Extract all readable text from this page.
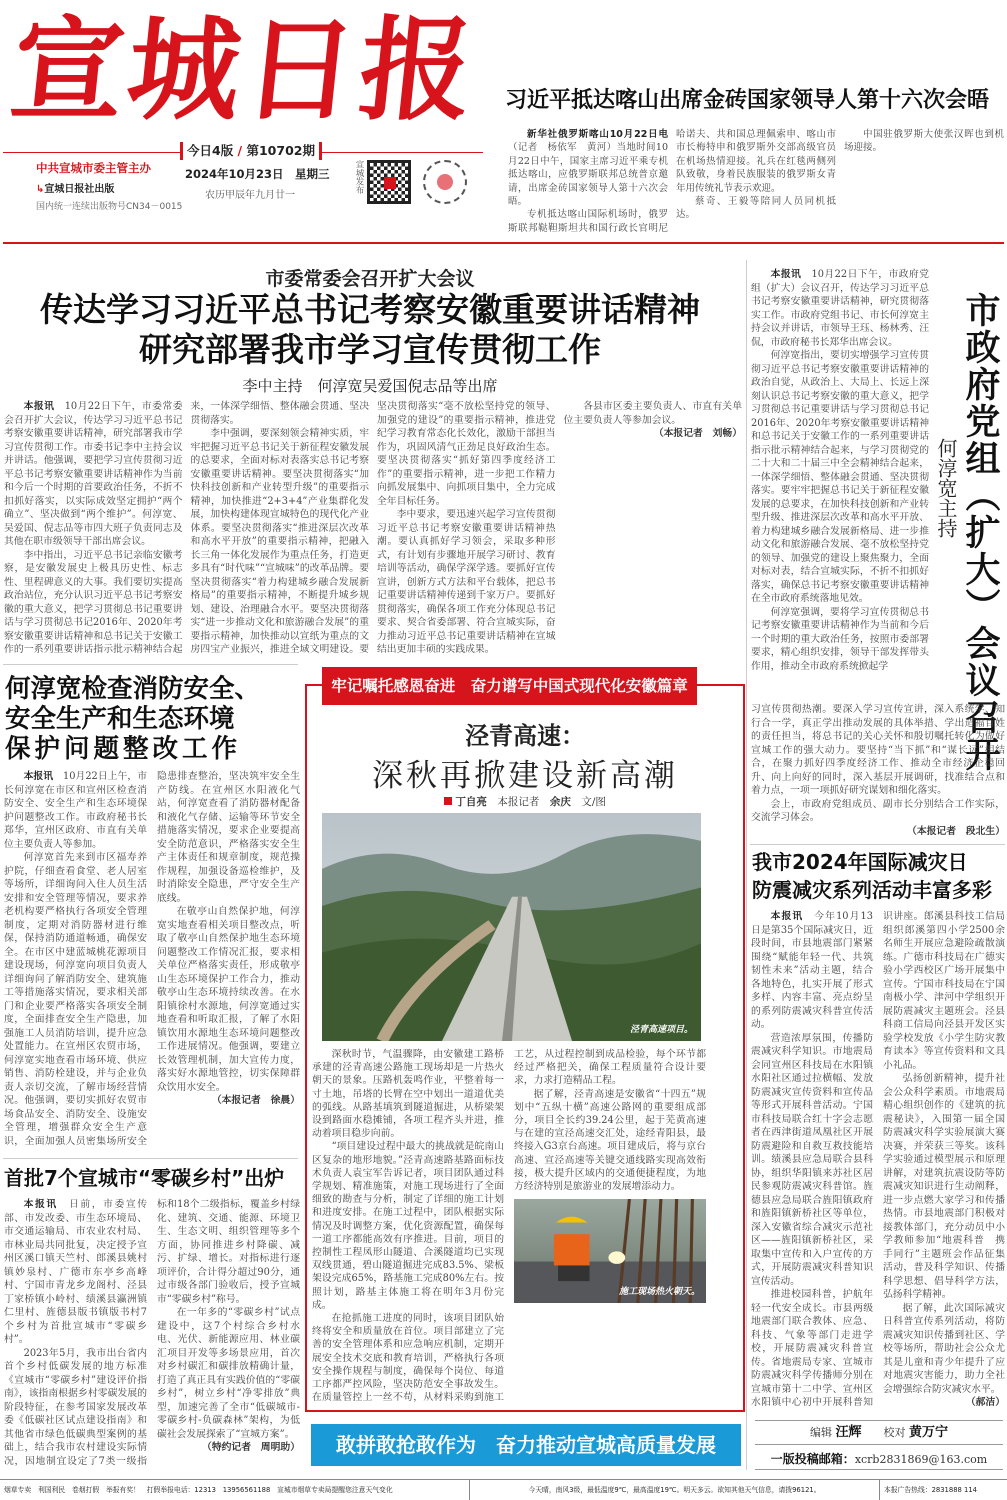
宣城日报 习近平抵达喀山出席金砖国家领导人第十六次会晤
今日4版 / 第10702期
中共宣城市委主管主办
↳宣城日报社出版
国内统一连续出版物号CN34－0015
2024年10月23日　星期三
农历甲辰年九月廿一
宣城发布

新华社俄罗斯喀山10月22日电（记者　杨依军　黄河）当地时间10月22日中午，国家主席习近平乘专机抵达喀山，应俄罗斯联邦总统普京邀请，出席金砖国家领导人第十六次会晤。

专机抵达喀山国际机场时，俄罗斯联邦鞑靼斯坦共和国行政长官明尼哈诺夫、共和国总理佩索申、喀山市市长梅特申和俄罗斯外交部高级官员在机场热情迎接。礼兵在红毯两侧列队致敬，身着民族服装的俄罗斯女青年用传统礼节表示欢迎。

蔡奇、王毅等陪同人员同机抵达。

中国驻俄罗斯大使张汉晖也到机场迎接。

市委常委会召开扩大会议
传达学习习近平总书记考察安徽重要讲话精神
研究部署我市学习宣传贯彻工作
李中主持　何淳宽吴爱国倪志品等出席

本报讯　 10月22日下午，市委常委会召开扩大会议，传达学习习近平总书记考察安徽重要讲话精神，研究部署我市学习宣传贯彻工作。市委书记李中主持会议并讲话。他强调，要把学习宣传贯彻习近平总书记考察安徽重要讲话精神作为当前和今后一个时期的首要政治任务，不折不扣抓好落实，以实际成效坚定拥护“两个确立”、坚决做到“两个维护”。何淳宽、吴爱国、倪志品等市四大班子负责同志及其他在职市级领导干部出席会议。

李中指出，习近平总书记亲临安徽考察，是安徽发展史上极具历史性、标志性、里程碑意义的大事。我们要切实提高政治站位，充分认识习近平总书记考察安徽的重大意义，把学习贯彻总书记重要讲话与学习贯彻总书记2016年、2020年考察安徽重要讲话精神和总书记关于安徽工作的一系列重要讲话指示批示精神结合起来，一体深学细悟、整体融会贯通、坚决贯彻落实。

李中强调，要深刻领会精神实质，牢牢把握习近平总书记关于新征程安徽发展的总要求，全面对标对表落实总书记考察安徽重要讲话精神。要坚决贯彻落实“加快科技创新和产业转型升级”的重要指示精神，加快推进“2+3+4”产业集群化发展，加快构建体现宣城特色的现代化产业体系。要坚决贯彻落实“推进深层次改革和高水平开放”的重要指示精神，把融入长三角一体化发展作为重点任务，打造更多具有“时代味”“宣城味”的改革品牌。要坚决贯彻落实“着力构建城乡融合发展新格局”的重要指示精神，不断提升城乡规划、建设、治理融合水平。要坚决贯彻落实“进一步推动文化和旅游融合发展”的重要指示精神，加快推动以宣纸为重点的文房四宝产业振兴，推进全域文明建设。要坚决贯彻落实“毫不放松坚持党的领导、加强党的建设”的重要指示精神，推进党纪学习教育常态化长效化，激励干部担当作为，巩固风清气正劲足良好政治生态。要坚决贯彻落实“抓好第四季度经济工作”的重要指示精神，进一步把工作精力向抓发展集中、向抓项目集中，全力完成全年目标任务。

李中要求，要迅速兴起学习宣传贯彻习近平总书记考察安徽重要讲话精神热潮。要认真抓好学习领会，采取多种形式，有计划有步骤地开展学习研讨、教育培训等活动，确保学深学透。要抓好宣传宣讲，创新方式方法和平台载体，把总书记重要讲话精神传递到千家万户。要抓好贯彻落实，确保各项工作充分体现总书记要求、契合省委部署、符合宣城实际，奋力推动习近平总书记重要讲话精神在宣城结出更加丰硕的实践成果。

各县市区委主要负责人、市直有关单位主要负责人等参加会议。

（本报记者　刘畅）	市政府党组（扩大）会议召开
何淳宽主持

本报讯　 10月22日下午，市政府党组（扩大）会议召开，传达学习习近平总书记考察安徽重要讲话精神，研究贯彻落实工作。市政府党组书记、市长何淳宽主持会议并讲话，市领导王珏、杨林秀、汪侃，市政府秘书长郑华出席会议。

何淳宽指出，要切实增强学习宣传贯彻习近平总书记考察安徽重要讲话精神的政治自觉，从政治上、大局上、长远上深刻认识总书记考察安徽的重大意义，把学习贯彻总书记重要讲话与学习贯彻总书记2016年、2020年考察安徽重要讲话精神和总书记关于安徽工作的一系列重要讲话指示批示精神结合起来，与学习贯彻党的二十大和二十届三中全会精神结合起来，一体深学细悟、整体融会贯通、坚决贯彻落实。要牢牢把握总书记关于新征程安徽发展的总要求，在加快科技创新和产业转型升级、推进深层次改革和高水平开放、着力构建城乡融合发展新格局、进一步推动文化和旅游融合发展、毫不放松坚持党的领导、加强党的建设上聚焦聚力，全面对标对表，结合宣城实际，不折不扣抓好落实，确保总书记考察安徽重要讲话精神在全市政府系统落地见效。

何淳宽强调，要将学习宣传贯彻总书记考察安徽重要讲话精神作为当前和今后一个时期的重大政治任务，按照市委部署要求，精心组织安排，领导干部发挥带头作用，推动全市政府系统掀起学

习宣传贯彻热潮。要深入学习宣传宣讲，深入系统学、知行合一学，真正学出推动发展的具体举措、学出造福百姓的责任担当，将总书记的关心关怀和殷切嘱托转化为做好宣城工作的强大动力。要坚持“当下抓”和“谋长远”相结合，在聚力抓好四季度经济工作、推动全市经济企稳回升、向上向好的同时，深入基层开展调研，找准结合点和着力点，一项一项抓好研究谋划和细化落实。

会上，市政府党组成员、副市长分别结合工作实际，交流学习体会。

（本报记者　段北生）
何淳宽检查消防安全、
安全生产和生态环境
保护问题整改工作

本报讯　 10月22日上午，市长何淳宽在市区和宣州区检查消防安全、安全生产和生态环境保护问题整改工作。市政府秘书长郑华，宣州区政府、市直有关单位主要负责人等参加。

何淳宽首先来到市区福寿养护院，仔细查看食堂、老人居室等场所，详细询问入住人员生活安排和安全管理等情况，要求养老机构要严格执行各项安全管理制度，定期对消防器材进行维保，保持消防通道畅通，确保安全。在市区中建蓝城桃花源项目建设现场，何淳宽向项目负责人详细询问了解消防安全、建筑施工等措施落实情况，要求相关部门和企业要严格落实各项安全制度，全面排查安全生产隐患，加强施工人员消防培训，提升应急处置能力。在宣州区农贸市场，何淳宽实地查看市场环境、供应销售、消防栓建设，并与企业负责人亲切交流，了解市场经营情况。他强调，要切实抓好农贸市场食品安全、消防安全、设施安全管理，增强群众安全生产意识，全面加强人员密集场所安全隐患排查整治，坚决筑牢安全生产防线。在宣州区水阳液化气站，何淳宽查看了消防器材配备和液化气存储、运输等环节安全措施落实情况，要求企业要提高安全防范意识，严格落实安全生产主体责任和规章制度，规范操作规程，加强设备巡检维护，及时消除安全隐患，严守安全生产底线。

在敬亭山自然保护地，何淳宽实地查看相关项目整改点，听取了敬亭山自然保护地生态环境问题整改工作情况汇报，要求相关单位严格落实责任，形成敬亭山生态环境保护工作合力，推动敬亭山生态环境持续改善。在水阳镇徐村水源地，何淳宽通过实地查看和听取汇报，了解了水阳镇饮用水源地生态环境问题整改工作进展情况。他强调，要建立长效管理机制，加大宣传力度，落实好水源地管控，切实保障群众饮用水安全。

（本报记者　徐晨）
首批7个宣城市“零碳乡村”出炉

本报讯　 日前，市委宣传部、市发改委、市生态环境局、市交通运输局、市农业农村局、市林业局共同批复，决定授予宣州区溪口镇天竺村、郎溪县姚村镇妙泉村、广德市东亭乡高峰村、宁国市青龙乡龙阁村、泾县丁家桥镇小岭村、绩溪县瀛洲镇仁里村、旌德县版书镇版书村7个乡村为首批宣城市“零碳乡村”。

2023年5月，我市出台省内首个乡村低碳发展的地方标准《宣城市“零碳乡村”建设评价指南》，该指南根据乡村零碳发展的阶段特征，在参考国家发展改革委《低碳社区试点建设指南》和其他省市绿色低碳典型案例的基础上，结合我市农村建设实际情况，因地制宜设定了7类一级指标和18个二级指标，覆盖乡村绿化、建筑、交通、能源、环境卫生、生态文明、组织管理等多个方面，协同推进乡村降碳、减污、扩绿、增长。对指标进行逐项评价，合计得分超过90分，通过市级各部门验收后，授予宣城市“零碳乡村”称号。

在一年多的“零碳乡村”试点建设中，这7个村综合乡村水电、光伏、新能源应用、林业碳汇项目开发等多场景应用，首次对乡村碳汇和碳排放精确计量，打造了真正具有实践价值的“零碳乡村”，树立乡村“净零排放”典型，加速完善了全市“低碳城市-零碳乡村-负碳森林”架构，为低碳社会发展探索了“宣城方案”。

（特约记者　周明助）
牢记嘱托感恩奋进　奋力谱写中国式现代化安徽篇章
泾青高速：
深秋再掀建设新高潮
丁自亮　 本报记者　 余庆　 文/图
泾青高速项目。

深秋时节，气温骤降，由安徽建工路桥承建的泾青高速公路施工现场却是一片热火朝天的景象。压路机轰鸣作业，平整着每一寸土地，吊塔的长臂在空中划出一道道优美的弧线。从路基填筑到隧道掘进，从桥梁架设到路面水稳摊铺，各项工程齐头并进，推动着项目稳步向前。

“项目建设过程中最大的挑战就是皖南山区复杂的地形地貌。”泾青高速路基路面标技术负责人袁宝军告诉记者，项目团队通过科学规划、精准施策，对施工现场进行了全面细致的勘查与分析，制定了详细的施工计划和进度安排。在施工过程中，团队根据实际情况及时调整方案，优化资源配置，确保每一道工序都能高效有序推进。目前，项目的控制性工程凤形山隧道、合溪隧道均已实现双线贯通，碧山隧道掘进完成83.5%、梁板架设完成65%，路基施工完成80%左右。按照计划，路基主体施工将在明年3月份完成。

在抢抓施工进度的同时，该项目团队始终将安全和质量放在首位。项目部建立了完善的安全管理体系和应急响应机制，定期开展安全技术交底和教育培训，严格执行各项安全操作规程与制度，确保每个岗位、每道工序都严控风险，坚决防范安全事故发生。在质量管控上一丝不苟，从材料采购到施工工艺，从过程控制到成品检验，每个环节都经过严格把关，确保工程质量符合设计要求，力求打造精品工程。

据了解，泾青高速是安徽省“十四五”规划中“五纵十横”高速公路网的重要组成部分，项目全长约39.24公里，起于芜黄高速与在建的宣泾高速交汇处，途经青阳县，最终接入G3京台高速。项目建成后，将与京台高速、宣泾高速等关键交通线路实现高效衔接，极大提升区域内的交通便捷程度，为地方经济特别是旅游业的发展增添动力。

施工现场热火朝天。
敢拼敢抢敢作为　奋力推动宣城高质量发展
我市2024年国际减灾日
防震减灾系列活动丰富多彩

本报讯　 今年10月13日是第35个国际减灾日，近段时间，市县地震部门紧紧围绕“赋能年轻一代、共筑韧性未来”活动主题，结合各地特色，扎实开展了形式多样、内容丰富、亮点纷呈的系列防震减灾科普宣传活动。

营造浓厚氛围，传播防震减灾科学知识。市地震局会同宣州区科技局在水阳镇水阳社区通过拉横幅、发放防震减灾宣传资料和宣传品等形式开展科普活动。宁国市科技局联合红十字会志愿者在西津街道凤凰社区开展防震避险和自救互救技能培训。绩溪县应急局联合县科协，组织华阳镇来苏社区居民参观防震减灾科普馆。旌德县应急局联合旌阳镇政府和旌阳镇新桥社区等单位，深入安徽省综合减灾示范社区——旌阳镇新桥社区，采取集中宣传和入户宣传的方式，开展防震减灾科普知识宣传活动。

推进校园科普，护航年轻一代安全成长。市县两级地震部门联合教体、应急、科技、气象等部门走进学校，开展防震减灾科普宣传。省地震局专家、宣城市防震减灾科学传播师分别在宣城市第十二中学、宣州区水阳镇中心初中开展科普知识讲座。郎溪县科技工信局组织郎溪第四小学2500余名师生开展应急避险疏散演练。广德市科技局在广德实验小学西校区广场开展集中宣传。宁国市科技局在宁国南极小学、津河中学组织开展防震减灾主题班会。泾县科商工信局向泾县开发区实验学校发放《小学生防灾教育读本》等宣传资料和文具小礼品。

弘扬创新精神，提升社会公众科学素质。市地震局精心组织创作的《建筑的抗震秘诀》，入围第一届全国防震减灾科学实验展演大赛决赛，并荣获三等奖。该科学实验通过模型展示和原理讲解，对建筑抗震设防等防震减灾知识进行生动阐释，进一步点燃大家学习和传播热情。市县地震部门积极对接教体部门，充分动员中小学教师参加“地震科普　携手同行”主题班会作品征集活动，普及科学知识、传播科学思想、倡导科学方法，弘扬科学精神。

据了解，此次国际减灾日科普宣传系列活动，将防震减灾知识传播到社区、学校等场所，帮助社会公众尤其是儿童和青少年提升了应对地震灾害能力，助力全社会增强综合防灾减灾水平。

（郝洁）
编辑 汪辉　　 校对 黄万宁
一版投稿邮箱：xcrb2831869@163.com
烟草专卖　利国利民　卷烟打假　举报有奖！　打假举报电话：12313　13956561188　宣城市烟草专卖局提醒您注意天气变化	今天晴，南风3级，最低温度9℃，最高温度19℃。明天多云。欲知其他天气信息，请拨96121。	本报广告热线：2831888 114
